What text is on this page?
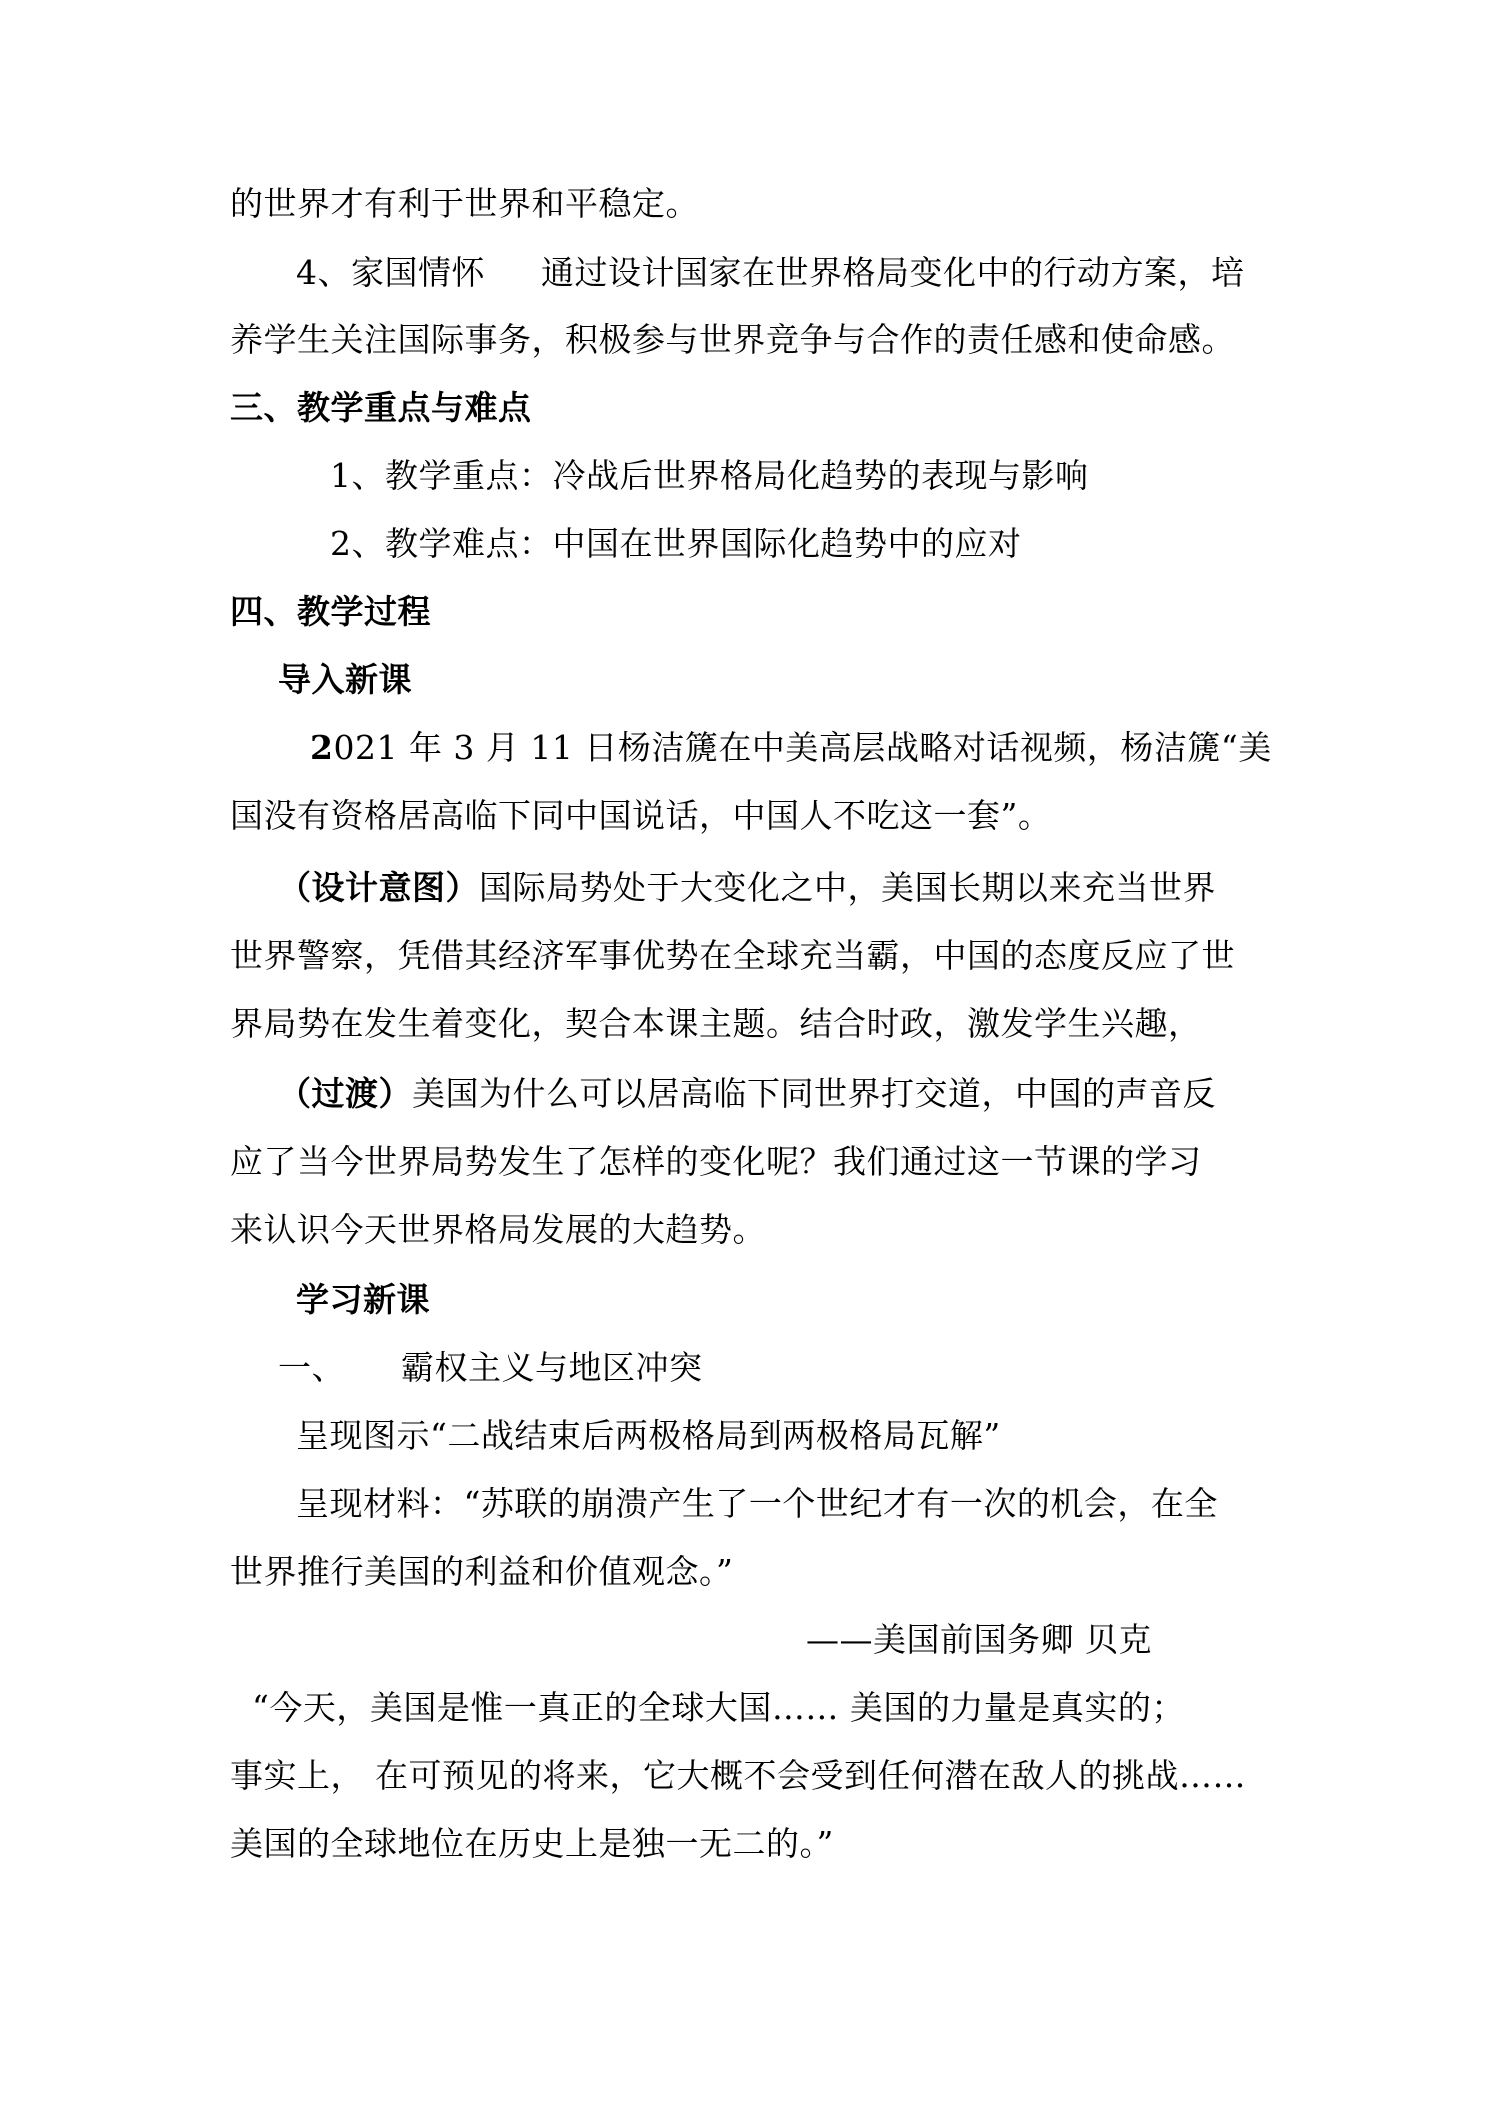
的世界才有利于世界和平稳定。
4、家国情怀 通过设计国家在世界格局变化中的行动方案，培
养学生关注国际事务，积极参与世界竞争与合作的责任感和使命感。
三、教学重点与难点
1、教学重点：冷战后世界格局化趋势的表现与影响
2、教学难点：中国在世界国际化趋势中的应对
四、教学过程
导入新课
2021 年 3 月 11 日杨洁篪在中美高层战略对话视频，杨洁篪“美
国没有资格居高临下同中国说话，中国人不吃这一套”。
（设计意图）国际局势处于大变化之中，美国长期以来充当世界
世界警察，凭借其经济军事优势在全球充当霸，中国的态度反应了世
界局势在发生着变化，契合本课主题。结合时政，激发学生兴趣，
（过渡）美国为什么可以居高临下同世界打交道，中国的声音反
应了当今世界局势发生了怎样的变化呢？我们通过这一节课的学习
来认识今天世界格局发展的大趋势。
学习新课
一、 霸权主义与地区冲突
呈现图示“二战结束后两极格局到两极格局瓦解”
呈现材料：“苏联的崩溃产生了一个世纪才有一次的机会，在全
世界推行美国的利益和价值观念。”
——美国前国务卿 贝克
“今天，美国是惟一真正的全球大国…… 美国的力量是真实的；
事实上， 在可预见的将来，它大概不会受到任何潜在敌人的挑战……
美国的全球地位在历史上是独一无二的。”
